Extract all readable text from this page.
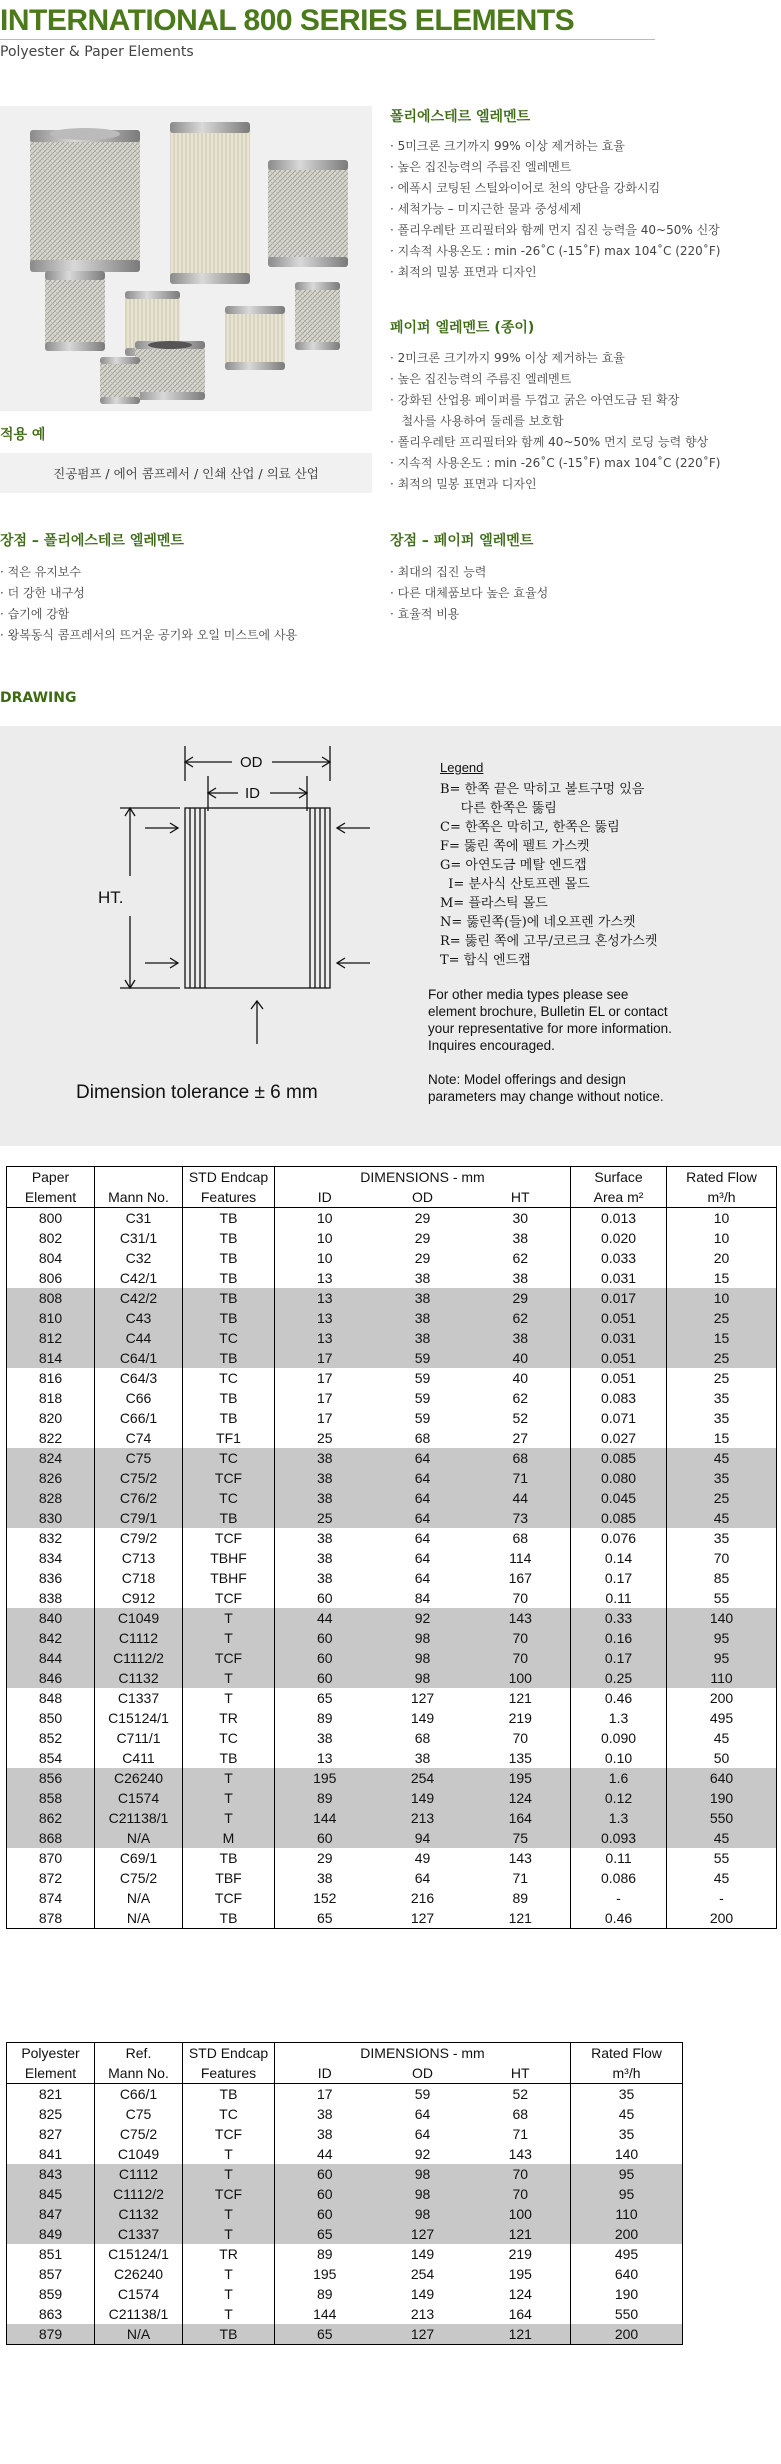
INTERNATIONAL 800 SERIES ELEMENTS
Polyester & Paper Elements
폴리에스테르 엘레멘트
· 5미크론 크기까지 99% 이상 제거하는 효율
· 높은 집진능력의 주름진 엘레멘트
· 에폭시 코팅된 스틸와이어로 천의 양단을 강화시킴
· 세척가능 – 미지근한 물과 중성세제
· 폴리우레탄 프리필터와 함께 먼지 집진 능력을 40~50% 신장
· 지속적 사용온도 : min -26˚C (-15˚F) max 104˚C (220˚F)
· 최적의 밀봉 표면과 디자인
페이퍼 엘레멘트 (종이)
· 2미크론 크기까지 99% 이상 제거하는 효율
· 높은 집진능력의 주름진 엘레멘트
· 강화된 산업용 페이퍼를 두껍고 굵은 아연도금 된 확장
철사를 사용하여 둘레를 보호함
· 폴리우레탄 프리필터와 함께 40~50% 먼지 로딩 능력 향상
· 지속적 사용온도 : min -26˚C (-15˚F) max 104˚C (220˚F)
· 최적의 밀봉 표면과 디자인
적용 예
진공펌프 / 에어 콤프레서 / 인쇄 산업 / 의료 산업
장점 – 폴리에스테르 엘레멘트
· 적은 유지보수
· 더 강한 내구성
· 습기에 강함
· 왕복동식 콤프레서의 뜨거운 공기와 오일 미스트에 사용
장점 – 페이퍼 엘레멘트
· 최대의 집진 능력
· 다른 대체품보다 높은 효율성
· 효율적 비용
DRAWING
OD
ID
HT.
Dimension tolerance ± 6 mm
Legend
B= 한쪽 끝은 막히고 볼트구멍 있음
다른 한쪽은 뚫림
C= 한쪽은 막히고, 한쪽은 뚫림
F= 뚫린 쪽에 펠트 가스켓
G= 아연도금 메탈 엔드캡
I= 분사식 산토프렌 몰드
M= 플라스틱 몰드
N= 뚫린쪽(들)에 네오프렌 가스켓
R= 뚫린 쪽에 고무/코르크 혼성가스켓
T= 합식 엔드캡
For other media types please see
element brochure, Bulletin EL or contact
your representative for more information.
Inquires encouraged.
Note: Model offerings and design
parameters may change without notice.
Paper		STD Endcap	DIMENSIONS - mm			Surface	Rated Flow
Element	Mann No.	Features	ID	OD	HT	Area m²	m³/h
800	C31	TB	10	29	30	0.013	10
802	C31/1	TB	10	29	38	0.020	10
804	C32	TB	10	29	62	0.033	20
806	C42/1	TB	13	38	38	0.031	15
808	C42/2	TB	13	38	29	0.017	10
810	C43	TB	13	38	62	0.051	25
812	C44	TC	13	38	38	0.031	15
814	C64/1	TB	17	59	40	0.051	25
816	C64/3	TC	17	59	40	0.051	25
818	C66	TB	17	59	62	0.083	35
820	C66/1	TB	17	59	52	0.071	35
822	C74	TF1	25	68	27	0.027	15
824	C75	TC	38	64	68	0.085	45
826	C75/2	TCF	38	64	71	0.080	35
828	C76/2	TC	38	64	44	0.045	25
830	C79/1	TB	25	64	73	0.085	45
832	C79/2	TCF	38	64	68	0.076	35
834	C713	TBHF	38	64	114	0.14	70
836	C718	TBHF	38	64	167	0.17	85
838	C912	TCF	60	84	70	0.11	55
840	C1049	T	44	92	143	0.33	140
842	C1112	T	60	98	70	0.16	95
844	C1112/2	TCF	60	98	70	0.17	95
846	C1132	T	60	98	100	0.25	110
848	C1337	T	65	127	121	0.46	200
850	C15124/1	TR	89	149	219	1.3	495
852	C711/1	TC	38	68	70	0.090	45
854	C411	TB	13	38	135	0.10	50
856	C26240	T	195	254	195	1.6	640
858	C1574	T	89	149	124	0.12	190
862	C21138/1	T	144	213	164	1.3	550
868	N/A	M	60	94	75	0.093	45
870	C69/1	TB	29	49	143	0.11	55
872	C75/2	TBF	38	64	71	0.086	45
874	N/A	TCF	152	216	89	-	-
878	N/A	TB	65	127	121	0.46	200
Polyester	Ref.	STD Endcap	DIMENSIONS - mm			Rated Flow
Element	Mann No.	Features	ID	OD	HT	m³/h
821	C66/1	TB	17	59	52	35
825	C75	TC	38	64	68	45
827	C75/2	TCF	38	64	71	35
841	C1049	T	44	92	143	140
843	C1112	T	60	98	70	95
845	C1112/2	TCF	60	98	70	95
847	C1132	T	60	98	100	110
849	C1337	T	65	127	121	200
851	C15124/1	TR	89	149	219	495
857	C26240	T	195	254	195	640
859	C1574	T	89	149	124	190
863	C21138/1	T	144	213	164	550
879	N/A	TB	65	127	121	200
